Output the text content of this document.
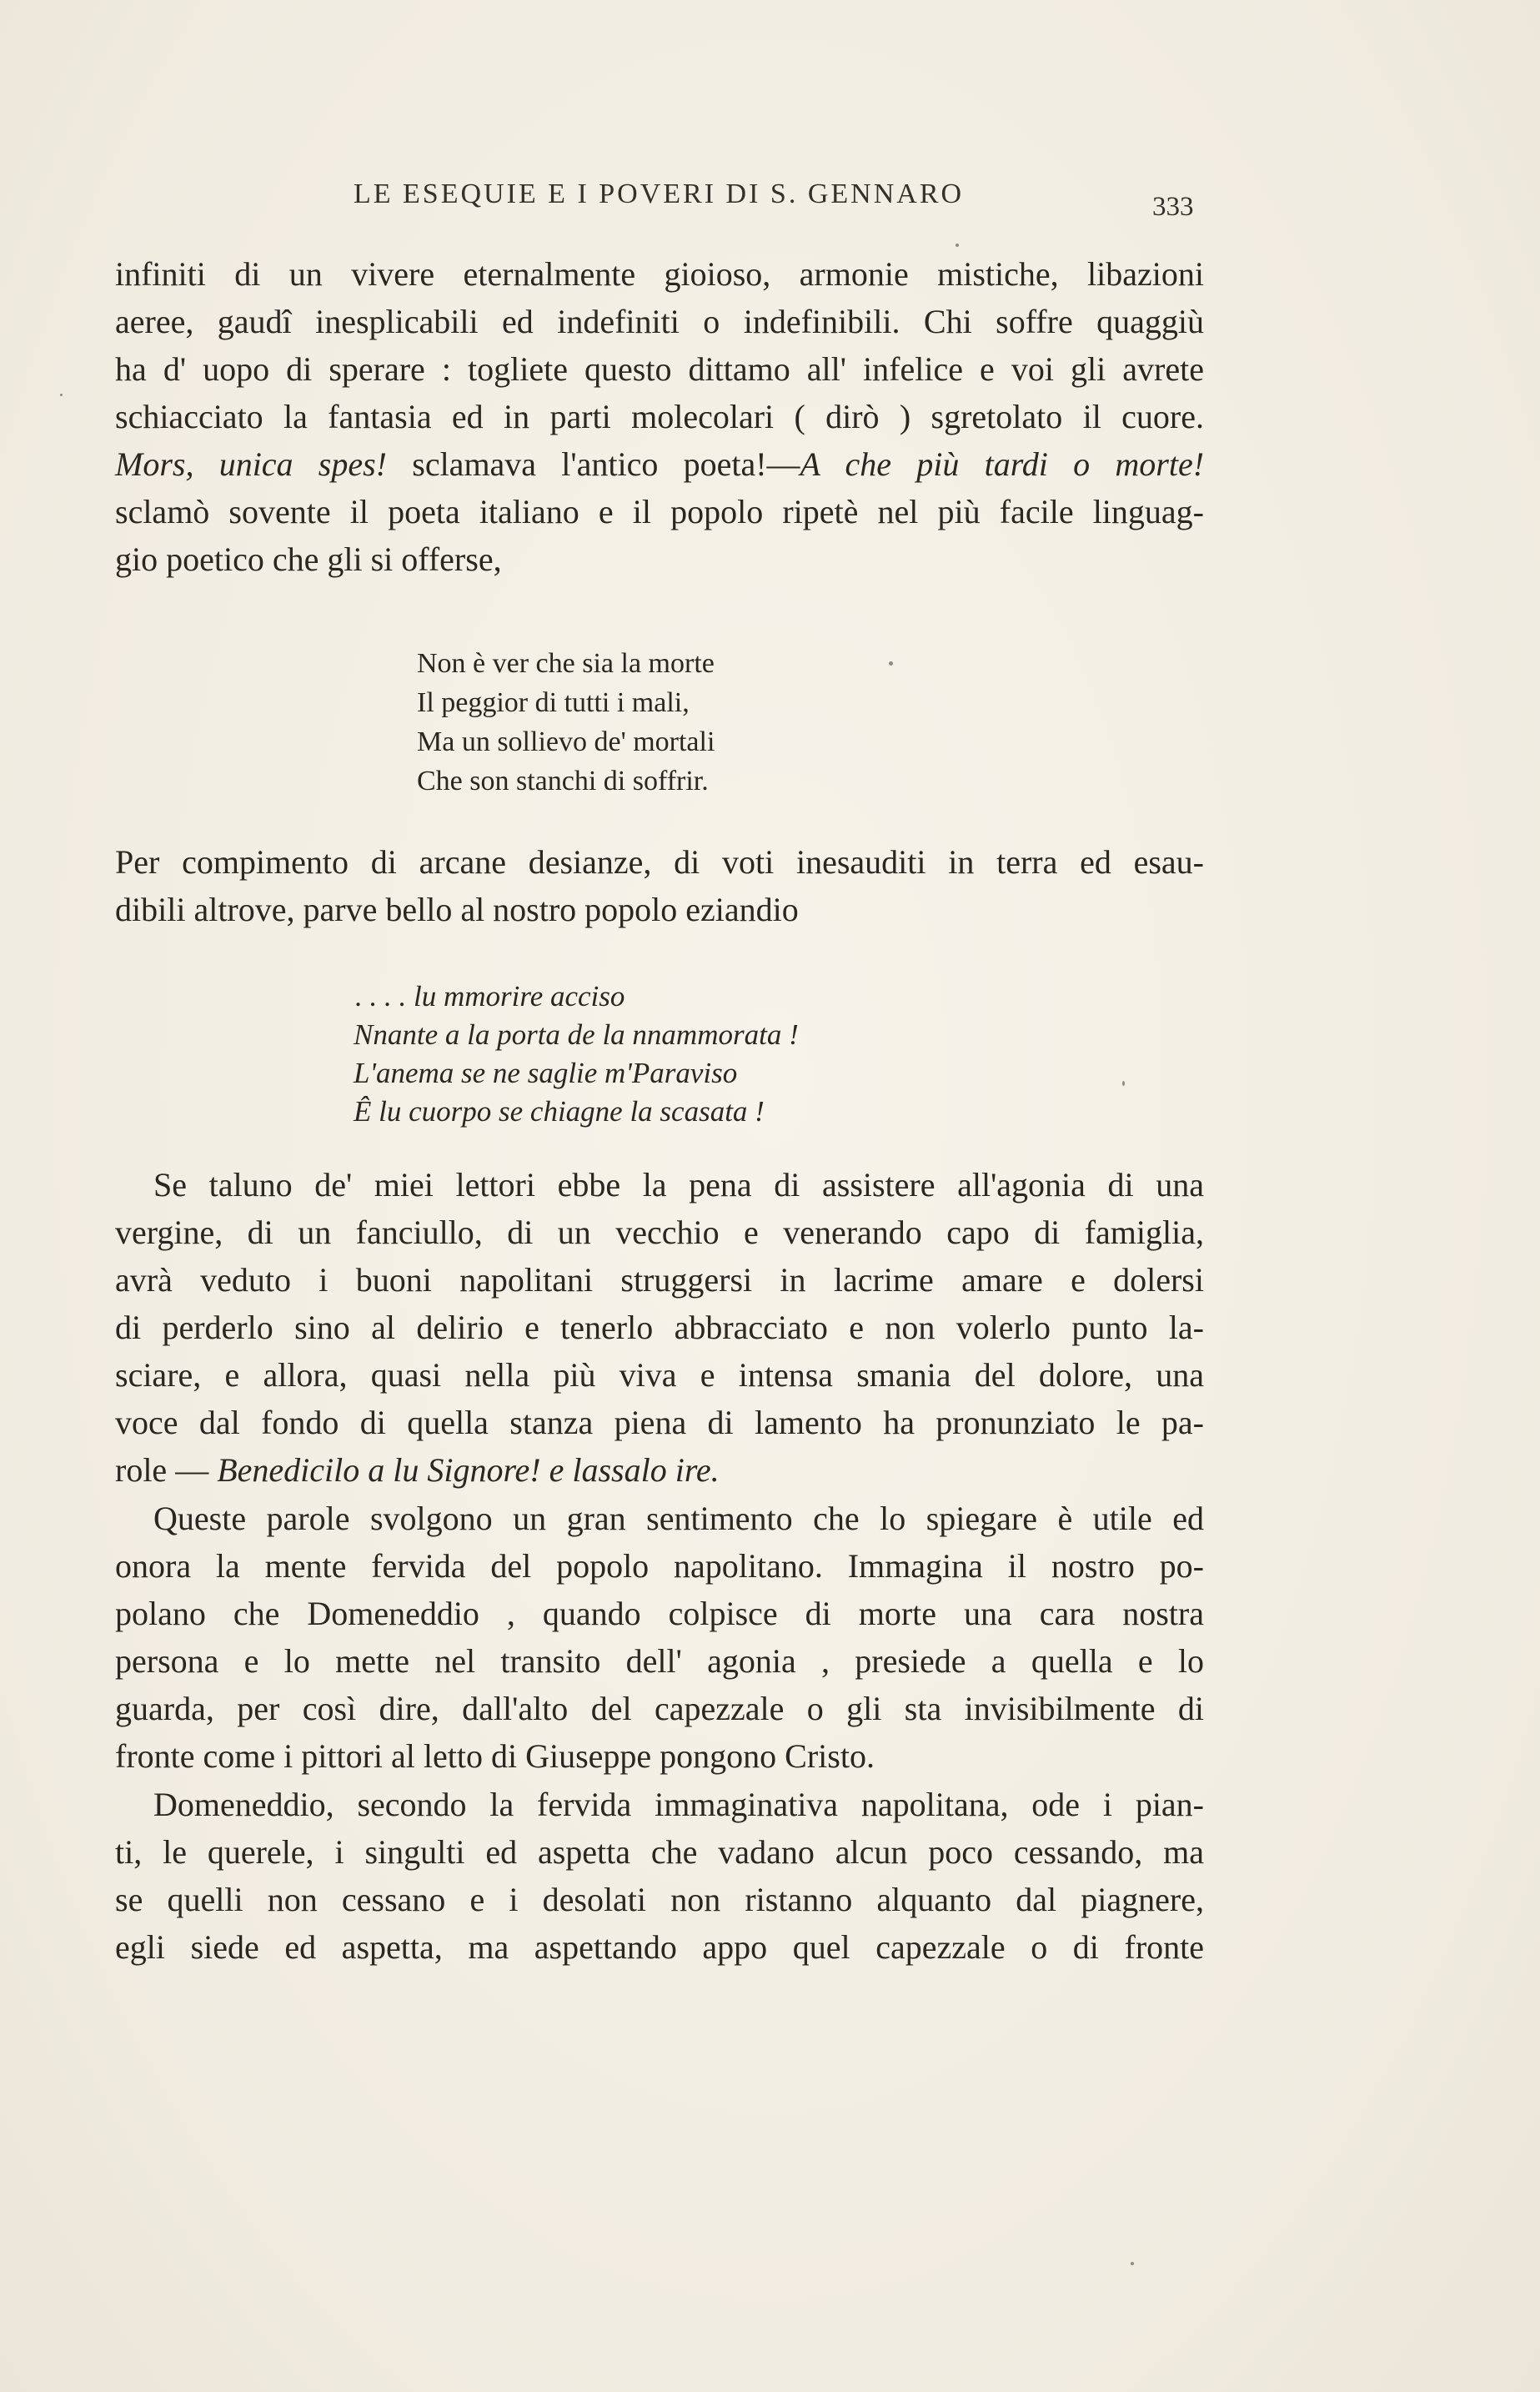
LE ESEQUIE E I POVERI DI S. GENNARO	333
infiniti di un vivere eternalmente gioioso, armonie mistiche, libazioni
aeree, gaudî inesplicabili ed indefiniti o indefinibili. Chi soffre quaggiù
ha d' uopo di sperare : togliete questo dittamo all' infelice e voi gli avrete
schiacciato la fantasia ed in parti molecolari ( dirò ) sgretolato il cuore.
Mors, unica spes! sclamava l'antico poeta!—A che più tardi o morte!
sclamò sovente il poeta italiano e il popolo ripetè nel più facile linguag-
gio poetico che gli si offerse,
Non è ver che sia la morte
Il peggior di tutti i mali,
Ma un sollievo de' mortali
Che son stanchi di soffrir.
Per compimento di arcane desianze, di voti inesauditi in terra ed esau-
dibili altrove, parve bello al nostro popolo eziandio
. . . . lu mmorire acciso
Nnante a la porta de la nnammorata !
L'anema se ne saglie m'Paraviso
Ê lu cuorpo se chiagne la scasata !
Se taluno de' miei lettori ebbe la pena di assistere all'agonia di una
vergine, di un fanciullo, di un vecchio e venerando capo di famiglia,
avrà veduto i buoni napolitani struggersi in lacrime amare e dolersi
di perderlo sino al delirio e tenerlo abbracciato e non volerlo punto la-
sciare, e allora, quasi nella più viva e intensa smania del dolore, una
voce dal fondo di quella stanza piena di lamento ha pronunziato le pa-
role — Benedicilo a lu Signore! e lassalo ire.
Queste parole svolgono un gran sentimento che lo spiegare è utile ed
onora la mente fervida del popolo napolitano. Immagina il nostro po-
polano che Domeneddio , quando colpisce di morte una cara nostra
persona e lo mette nel transito dell' agonia , presiede a quella e lo
guarda, per così dire, dall'alto del capezzale o gli sta invisibilmente di
fronte come i pittori al letto di Giuseppe pongono Cristo.
Domeneddio, secondo la fervida immaginativa napolitana, ode i pian-
ti, le querele, i singulti ed aspetta che vadano alcun poco cessando, ma
se quelli non cessano e i desolati non ristanno alquanto dal piagnere,
egli siede ed aspetta, ma aspettando appo quel capezzale o di fronte
